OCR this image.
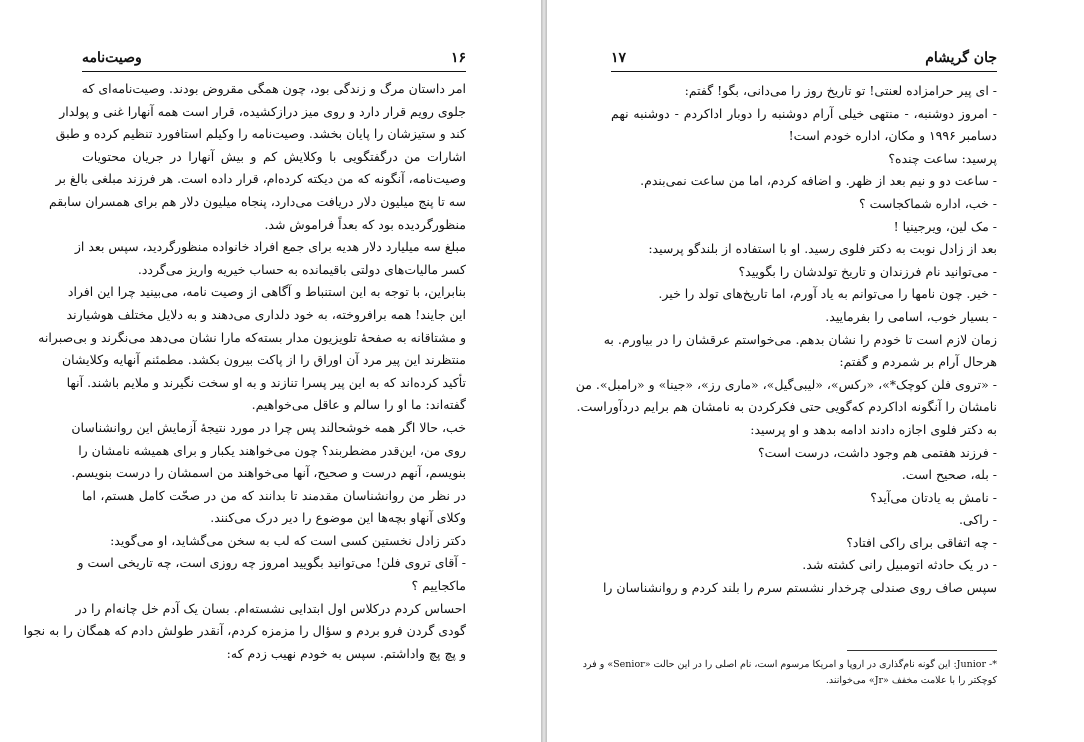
۱۶
وصیت‌نامه
امر داستان مرگ و زندگی بود، چون همگی مقروض بودند. وصیت‌نامه‌ای که
جلوی رویم قرار دارد و روی میز درازکشیده، قرار است همه آنهارا غنی و پولدار
کند و ستیزشان را پایان بخشد. وصیت‌نامه را وکیلم استافورد تنظیم کرده و طبق
اشارات من درگفتگویی با وکلایش کم و بیش آنهارا در جریان محتویات
وصیت‌نامه، آنگونه که من دیکته کرده‌ام، قرار داده است. هر فرزند مبلغی بالغ بر
سه تا پنج میلیون دلار دریافت می‌دارد، پنجاه میلیون دلار هم برای همسران سابقم
منظورگردیده بود که بعداً فراموش شد.
مبلغ سه میلیارد دلار هدیه برای جمع افراد خانواده منظورگردید، سپس بعد از
کسر مالیات‌های دولتی باقیمانده به حساب خیریه واریز می‌گردد.
بنابراین، با توجه به این استنباط و آگاهی از وصیت نامه، می‌بینید چرا این افراد
این جایند! همه برافروخته، به خود دلداری می‌دهند و به دلایل مختلف هوشیارند
و مشتاقانه به صفحهٔ تلویزیون مدار بسته‌که مارا نشان می‌دهد می‌نگرند و بی‌صبرانه
منتظرند این پیر مرد آن اوراق را از پاکت بیرون بکشد. مطمئنم آنهایه وکلایشان
تأکید کرده‌اند که به این پیر پسرا تنازند و به او سخت نگیرند و ملایم باشند. آنها
گفته‌اند: ما او را سالم و عاقل می‌خواهیم.
خب، حالا اگر همه خوشحالند پس چرا در مورد نتیجهٔ آزمایش این روانشناسان
روی من، این‌قدر مضطربند؟ چون می‌خواهند یکبار و برای همیشه نامشان را
بنویسم، آنهم درست و صحیح، آنها می‌خواهند من اسمشان را درست بنویسم.
در نظر من روانشناسان مقدمند تا بدانند که من در صحّت کامل هستم، اما
وکلای آنهاو بچه‌ها این موضوع را دیر درک می‌کنند.
دکتر زادل نخستین کسی است که لب به سخن می‌گشاید، او می‌گوید:
- آقای تروی فلن! می‌توانید بگویید امروز چه روزی است، چه تاریخی است و
ماکجاییم ؟
احساس کردم درکلاس اول ابتدایی نشسته‌ام. بسان یک آدم خل چانه‌ام را در
گودی گردن فرو بردم و سؤال را مزمزه کردم، آنقدر طولش دادم که همگان را به نجوا
و پچ پچ واداشتم. سپس به خودم نهیب زدم که:
جان گریشام
۱۷
- ای پیر حرامزاده لعنتی! تو تاریخ روز را می‌دانی، بگو! گفتم:
- امروز دوشنبه، - منتهی خیلی آرام دوشنبه را دوبار اداکردم - دوشنبه نهم
دسامبر ۱۹۹۶ و مکان، اداره خودم است!
پرسید: ساعت چنده؟
- ساعت دو و نیم بعد از ظهر. و اضافه کردم، اما من ساعت نمی‌بندم.
- خب، اداره شماکجاست ؟
- مک لین، ویرجینیا !
بعد از زادل نوبت به دکتر فلوی رسید. او با استفاده از بلندگو پرسید:
- می‌توانید نام فرزندان و تاریخ تولدشان را بگویید؟
- خیر. چون نامها را می‌توانم به یاد آورم، اما تاریخ‌های تولد را خیر.
- بسیار خوب، اسامی را بفرمایید.
زمان لازم است تا خودم را نشان بدهم. می‌خواستم عرقشان را در بیاورم. به
هرحال آرام بر شمردم و گفتم:
- «تروی فلن کوچک*»، «رکس»، «لیبی‌گیل»، «ماری رز»، «جینا» و «رامبل». من
نامشان را آنگونه اداکردم که‌گویی حتی فکرکردن به نامشان هم برایم دردآوراست.
به دکتر فلوی اجازه دادند ادامه بدهد و او پرسید:
- فرزند هفتمی هم وجود داشت، درست است؟
- بله، صحیح است.
- نامش به یادتان می‌آید؟
- راکی.
- چه اتفاقی برای راکی افتاد؟
- در یک حادثه اتومبیل رانی کشته شد.
سپس صاف روی صندلی چرخدار نشستم سرم را بلند کردم و روانشناسان را
*- Junior: این گونه نام‌گذاری در اروپا و امریکا مرسوم است، نام اصلی را در این حالت «Senior» و فرد
کوچکتر را با علامت مخفف «Jr» می‌خوانند.
